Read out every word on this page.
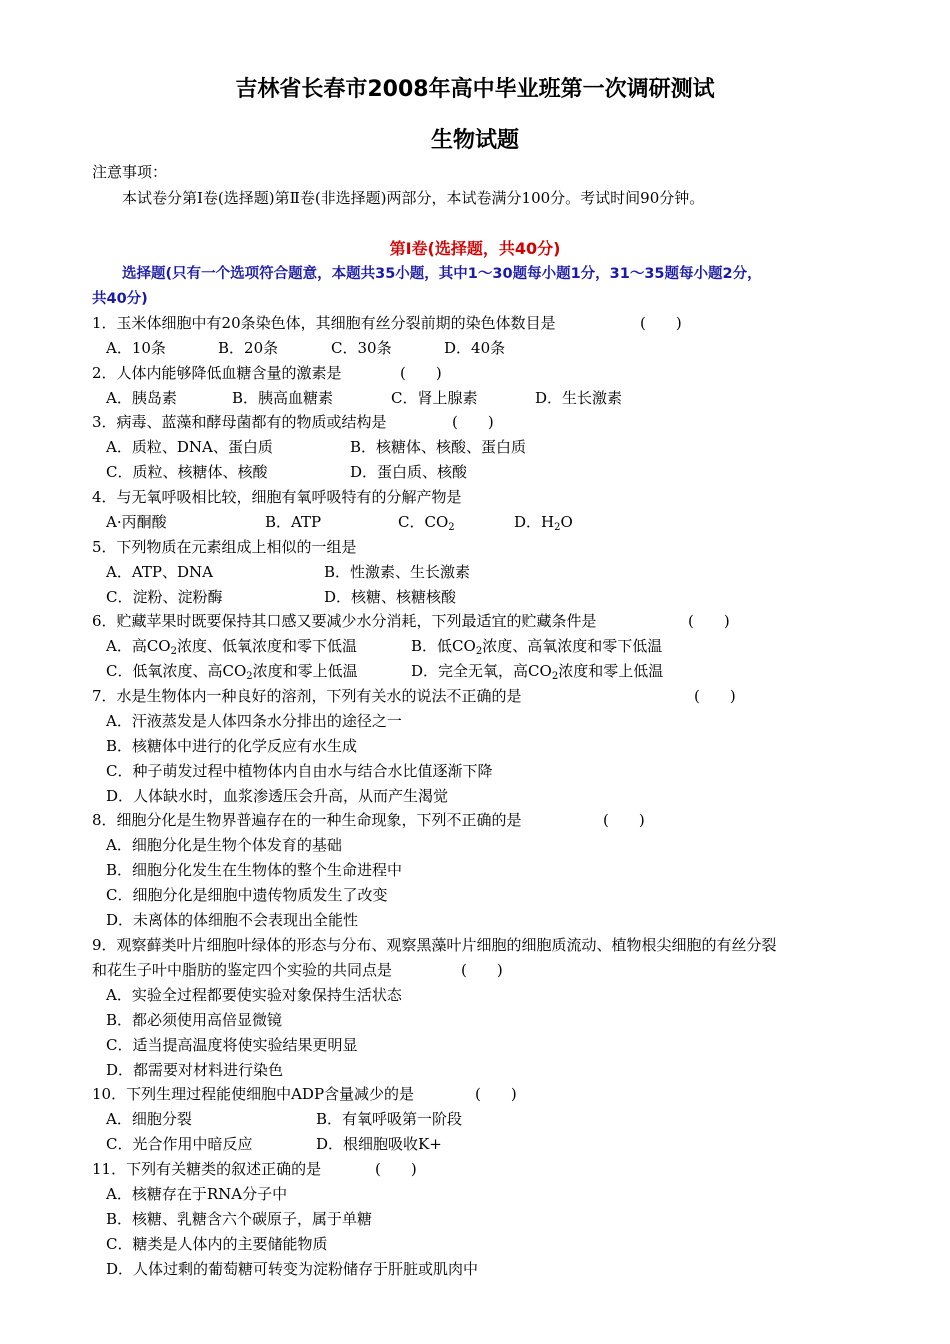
吉林省长春市2008年高中毕业班第一次调研测试
生物试题
注意事项：
本试卷分第Ⅰ卷(选择题)第Ⅱ卷(非选择题)两部分，本试卷满分100分。考试时间90分钟。
第Ⅰ卷(选择题，共40分)
选择题(只有一个选项符合题意，本题共35小题，其中1～30题每小题1分，31～35题每小题2分，
共40分)
1．玉米体细胞中有20条染色体，其细胞有丝分裂前期的染色体数目是	(　　)
A．10条	B．20条	C．30条	D．40条
2．人体内能够降低血糖含量的激素是	(　　)
A．胰岛素	B．胰高血糖素	C．肾上腺素	D．生长激素
3．病毒、蓝藻和酵母菌都有的物质或结构是	(　　)
A．质粒、DNA、蛋白质	B．核糖体、核酸、蛋白质
C．质粒、核糖体、核酸	D．蛋白质、核酸
4．与无氧呼吸相比较，细胞有氧呼吸特有的分解产物是
A·丙酮酸	B．ATP	C．$CO_2$	D．$H_2O$
5．下列物质在元素组成上相似的一组是
A．ATP、DNA	B．性激素、生长激素
C．淀粉、淀粉酶	D．核糖、核糖核酸
6．贮藏苹果时既要保持其口感又要减少水分消耗，下列最适宜的贮藏条件是	(　　)
A．高$CO_2$浓度、低氧浓度和零下低温	B．低$CO_2$浓度、高氧浓度和零下低温
C．低氧浓度、高$CO_2$浓度和零上低温	D．完全无氧，高$CO_2$浓度和零上低温
7．水是生物体内一种良好的溶剂，下列有关水的说法不正确的是	(　　)
A．汗液蒸发是人体四条水分排出的途径之一
B．核糖体中进行的化学反应有水生成
C．种子萌发过程中植物体内自由水与结合水比值逐渐下降
D．人体缺水时，血浆渗透压会升高，从而产生渴觉
8．细胞分化是生物界普遍存在的一种生命现象，下列不正确的是	(　　)
A．细胞分化是生物个体发育的基础
B．细胞分化发生在生物体的整个生命进程中
C．细胞分化是细胞中遗传物质发生了改变
D．未离体的体细胞不会表现出全能性
9．观察藓类叶片细胞叶绿体的形态与分布、观察黑藻叶片细胞的细胞质流动、植物根尖细胞的有丝分裂
和花生子叶中脂肪的鉴定四个实验的共同点是	(　　)
A．实验全过程都要使实验对象保持生活状态
B．都必须使用高倍显微镜
C．适当提高温度将使实验结果更明显
D．都需要对材料进行染色
10．下列生理过程能使细胞中ADP含量减少的是	(　　)
A．细胞分裂	B．有氧呼吸第一阶段
C．光合作用中暗反应	D．根细胞吸收K+
11．下列有关糖类的叙述正确的是	(　　)
A．核糖存在于RNA分子中
B．核糖、乳糖含六个碳原子，属于单糖
C．糖类是人体内的主要储能物质
D．人体过剩的葡萄糖可转变为淀粉储存于肝脏或肌肉中
